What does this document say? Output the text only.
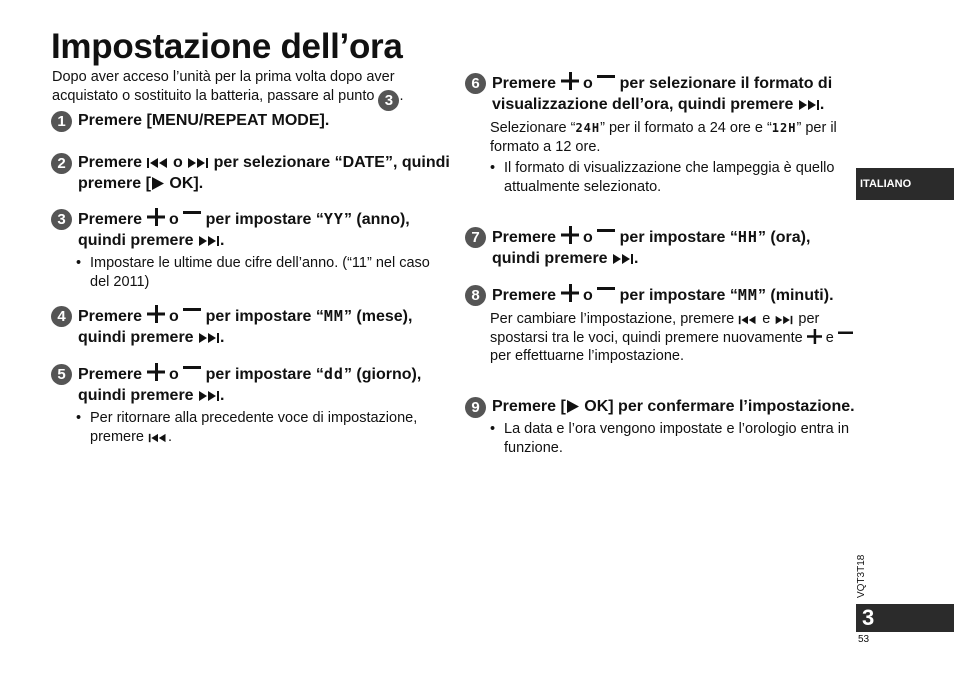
Impostazione dell’ora
Dopo aver acceso l’unità per la prima volta dopo aver acquistato o sostituito la batteria, passare al punto 3 .
1 Premere [MENU/REPEAT MODE].
2 Premere o per selezionare “DATE”, quindi premere [ OK].
3 Premere o per impostare “YY” (anno), quindi premere .
• Impostare le ultime due cifre dell’anno. (“11” nel caso del 2011)
4 Premere o per impostare “MM” (mese), quindi premere .
5 Premere o per impostare “dd” (giorno), quindi premere .
• Per ritornare alla precedente voce di impostazione, premere .
6 Premere o per selezionare il formato di visualizzazione dell’ora, quindi premere .
Selezionare “24H” per il formato a 24 ore e “12H” per il formato a 12 ore.
• Il formato di visualizzazione che lampeggia è quello attualmente selezionato.
7 Premere o per impostare “HH” (ora), quindi premere .
8 Premere o per impostare “MM” (minuti).
Per cambiare l’impostazione, premere e per spostarsi tra le voci, quindi premere nuovamente e  per effettuarne l’impostazione.
9 Premere [ OK] per confermare l’impostazione.
• La data e l’ora vengono impostate e l’orologio entra in funzione.
ITALIANO
VQT3T18
3
53
